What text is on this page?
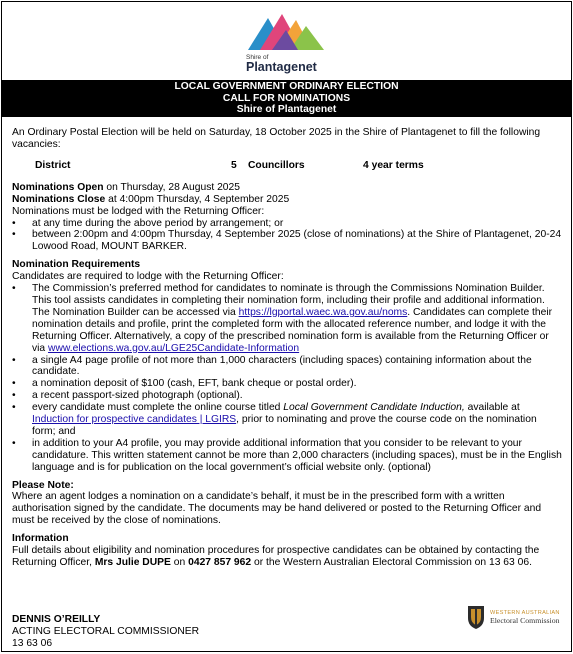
Shire of
Plantagenet
LOCAL GOVERNMENT ORDINARY ELECTION
CALL FOR NOMINATIONS
Shire of Plantagenet

An Ordinary Postal Election will be held on Saturday, 18 October 2025 in the Shire of Plantagenet to fill the following vacancies:

District	5 Councillors	4 year terms

Nominations Open on Thursday, 28 August 2025

Nominations Close at 4:00pm Thursday, 4 September 2025

Nominations must be lodged with the Returning Officer:

• at any time during the above period by arrangement; or
• between 2:00pm and 4:00pm Thursday, 4 September 2025 (close of nominations) at the Shire of Plantagenet, 20-24 Lowood Road, MOUNT BARKER.

Nomination Requirements

Candidates are required to lodge with the Returning Officer:

• The Commission’s preferred method for candidates to nominate is through the Commissions Nomination Builder. This tool assists candidates in completing their nomination form, including their profile and additional information. The Nomination Builder can be accessed via https://lgportal.waec.wa.gov.au/noms. Candidates can complete their nomination details and profile, print the completed form with the allocated reference number, and lodge it with the Returning Officer. Alternatively, a copy of the prescribed nomination form is available from the Returning Officer or via www.elections.wa.gov.au/LGE25Candidate-Information
• a single A4 page profile of not more than 1,000 characters (including spaces) containing information about the candidate.
• a nomination deposit of $100 (cash, EFT, bank cheque or postal order).
• a recent passport-sized photograph (optional).
• every candidate must complete the online course titled Local Government Candidate Induction, available at Induction for prospective candidates | LGIRS, prior to nominating and prove the course code on the nomination form; and
• in addition to your A4 profile, you may provide additional information that you consider to be relevant to your candidature. This written statement cannot be more than 2,000 characters (including spaces), must be in the English language and is for publication on the local government’s official website only. (optional)

Please Note:

Where an agent lodges a nomination on a candidate’s behalf, it must be in the prescribed form with a written authorisation signed by the candidate. The documents may be hand delivered or posted to the Returning Officer and must be received by the close of nominations.

Information

Full details about eligibility and nomination procedures for prospective candidates can be obtained by contacting the Returning Officer, Mrs Julie DUPE on 0427 857 962 or the Western Australian Electoral Commission on 13 63 06.

DENNIS O’REILLY

ACTING ELECTORAL COMMISSIONER

13 63 06

WESTERN AUSTRALIAN
Electoral Commission
